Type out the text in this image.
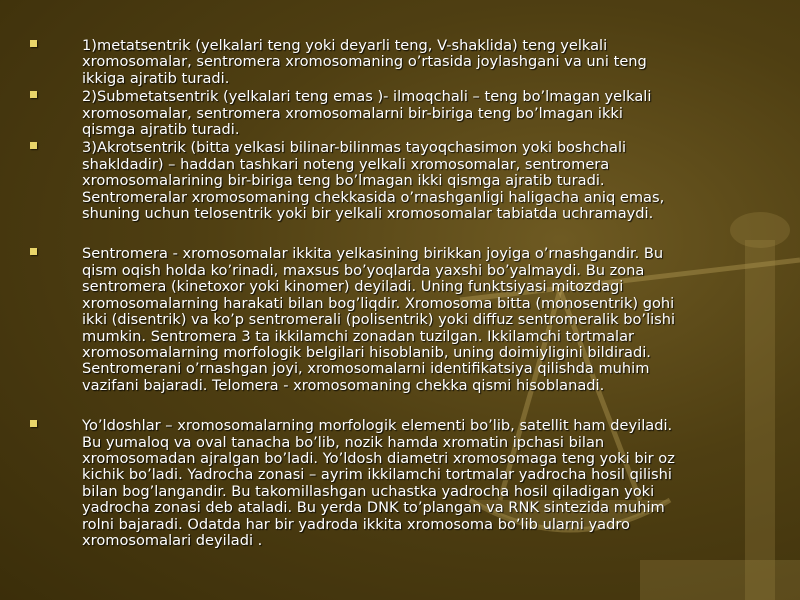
1)metatsentrik (yelkalari teng yoki deyarli teng, V-shaklida) teng yelkali
xromosomalar, sentromera xromosomaning o’rtasida joylashgani va uni teng
ikkiga ajratib turadi.
2)Submetatsentrik (yelkalari teng emas )- ilmoqchali – teng bo’lmagan yelkali
xromosomalar, sentromera xromosomalarni bir-biriga teng bo’lmagan ikki
qismga ajratib turadi.
3)Akrotsentrik (bitta yelkasi bilinar-bilinmas tayoqchasimon yoki boshchali
shakldadir) – haddan tashkari noteng yelkali xromosomalar, sentromera
xromosomalarining bir-biriga teng bo’lmagan ikki qismga ajratib turadi.
Sentromeralar xromosomaning chekkasida o’rnashganligi haligacha aniq emas,
shuning uchun telosentrik yoki bir yelkali xromosomalar tabiatda uchramaydi.
Sentromera - xromosomalar ikkita yelkasining birikkan joyiga o’rnashgandir. Bu
qism oqish holda ko’rinadi, maxsus bo’yoqlarda yaxshi bo’yalmaydi. Bu zona
sentromera (kinetoxor yoki kinomer) deyiladi. Uning funktsiyasi mitozdagi
xromosomalarning harakati bilan bog’liqdir. Xromosoma bitta (monosentrik) gohi
ikki (disentrik) va ko’p sentromerali (polisentrik) yoki diffuz sentromeralik bo’lishi
mumkin. Sentromera 3 ta ikkilamchi zonadan tuzilgan. Ikkilamchi tortmalar
xromosomalarning morfologik belgilari hisoblanib, uning doimiyligini bildiradi.
Sentromerani o’rnashgan joyi, xromosomalarni identifikatsiya qilishda muhim
vazifani bajaradi. Telomera - xromosomaning chekka qismi hisoblanadi.
Yo’ldoshlar – xromosomalarning morfologik elementi bo’lib, satellit ham deyiladi.
Bu yumaloq va oval tanacha bo’lib, nozik hamda xromatin ipchasi bilan
xromosomadan ajralgan bo’ladi. Yo’ldosh diametri xromosomaga teng yoki bir oz
kichik bo’ladi. Yadrocha zonasi – ayrim ikkilamchi tortmalar yadrocha hosil qilishi
bilan bog’langandir. Bu takomillashgan uchastka yadrocha hosil qiladigan yoki
yadrocha zonasi deb ataladi. Bu yerda DNK to’plangan va RNK sintezida muhim
rolni bajaradi. Odatda har bir yadroda ikkita xromosoma bo’lib ularni yadro
xromosomalari deyiladi .
